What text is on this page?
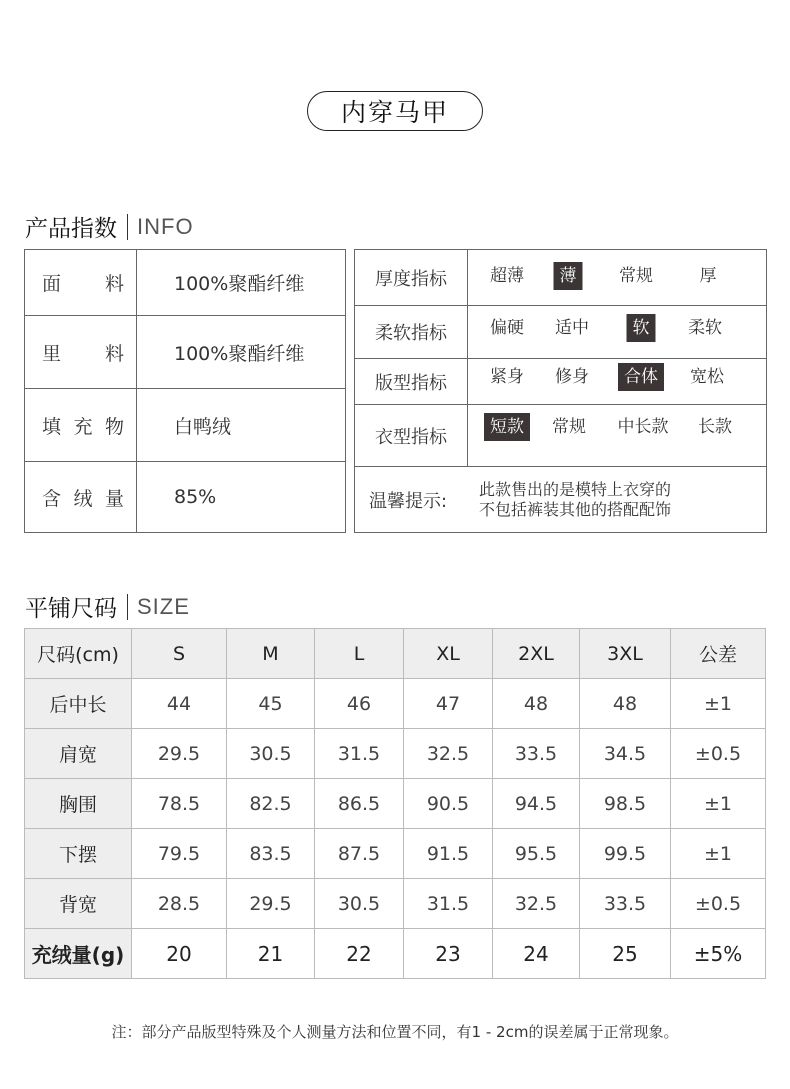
内穿马甲
产品指数 INFO
面 料	100%聚酯纤维
里 料	100%聚酯纤维
填 充 物	白鸭绒
含 绒 量	85%
厚度指标	超薄	薄	常规	厚
柔软指标	偏硬	适中	软	柔软
版型指标	紧身	修身	合体	宽松
衣型指标	短款	常规	中长款	长款
温馨提示:
此款售出的是模特上衣穿的
不包括裤装其他的搭配配饰
平铺尺码 SIZE
尺码(cm)	S	M	L	XL	2XL	3XL	公差
后中长	44	45	46	47	48	48	±1
肩宽	29.5	30.5	31.5	32.5	33.5	34.5	±0.5
胸围	78.5	82.5	86.5	90.5	94.5	98.5	±1
下摆	79.5	83.5	87.5	91.5	95.5	99.5	±1
背宽	28.5	29.5	30.5	31.5	32.5	33.5	±0.5
充绒量(g)	20	21	22	23	24	25	±5%
注：部分产品版型特殊及个人测量方法和位置不同，有1 - 2cm的误差属于正常现象。
